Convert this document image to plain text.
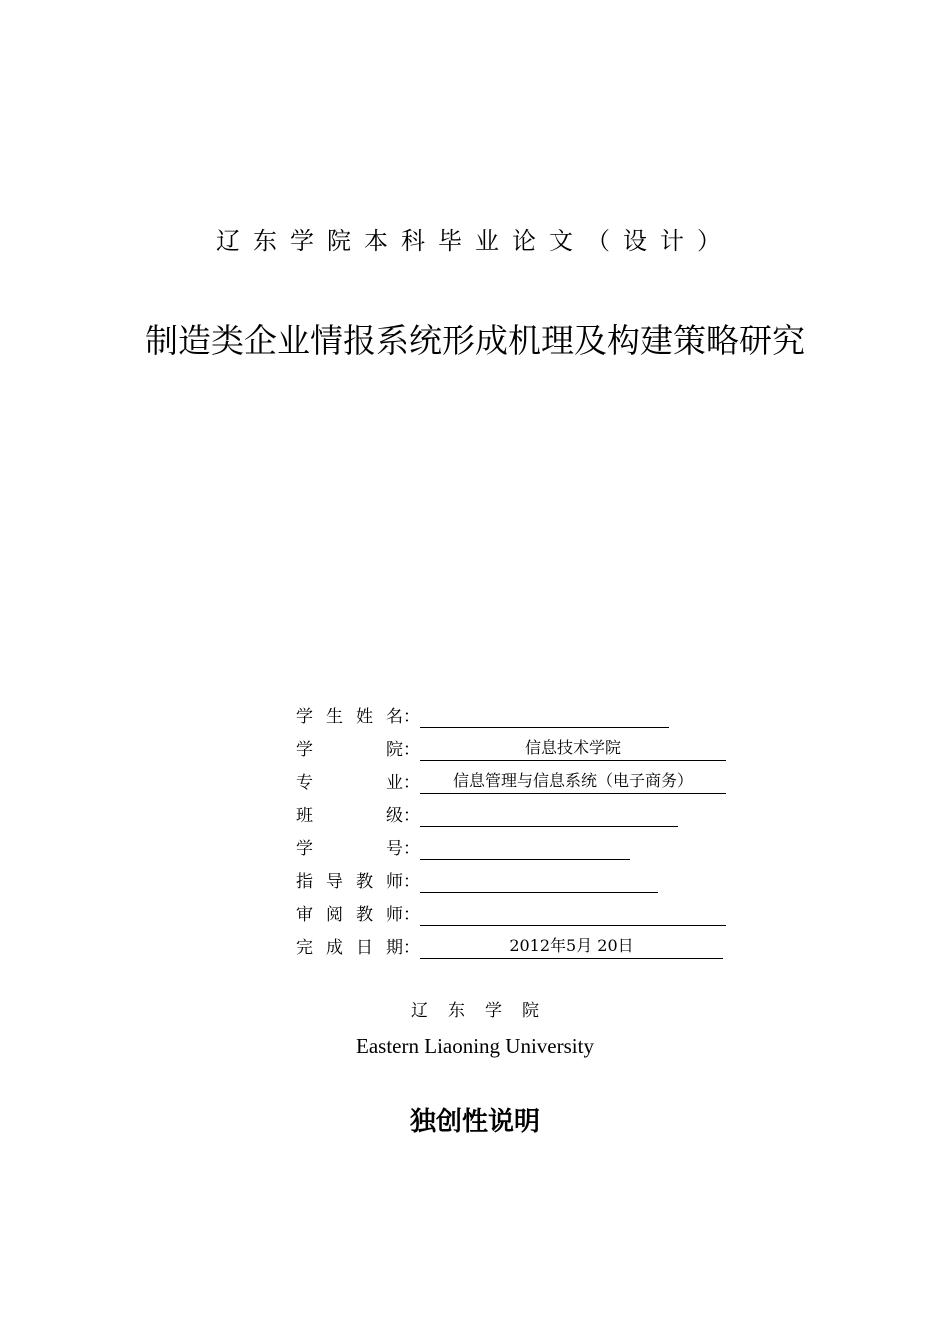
辽东学院本科毕业论文（设计）
制造类企业情报系统形成机理及构建策略研究
学 生 姓 名：
学	院：	信息技术学院
专	业：	信息管理与信息系统（电子商务）
班	级：
学	号：
指 导 教 师：
审 阅 教 师：
完 成 日 期：	2012年5月 20日
辽东学院
Eastern Liaoning University
独创性说明
